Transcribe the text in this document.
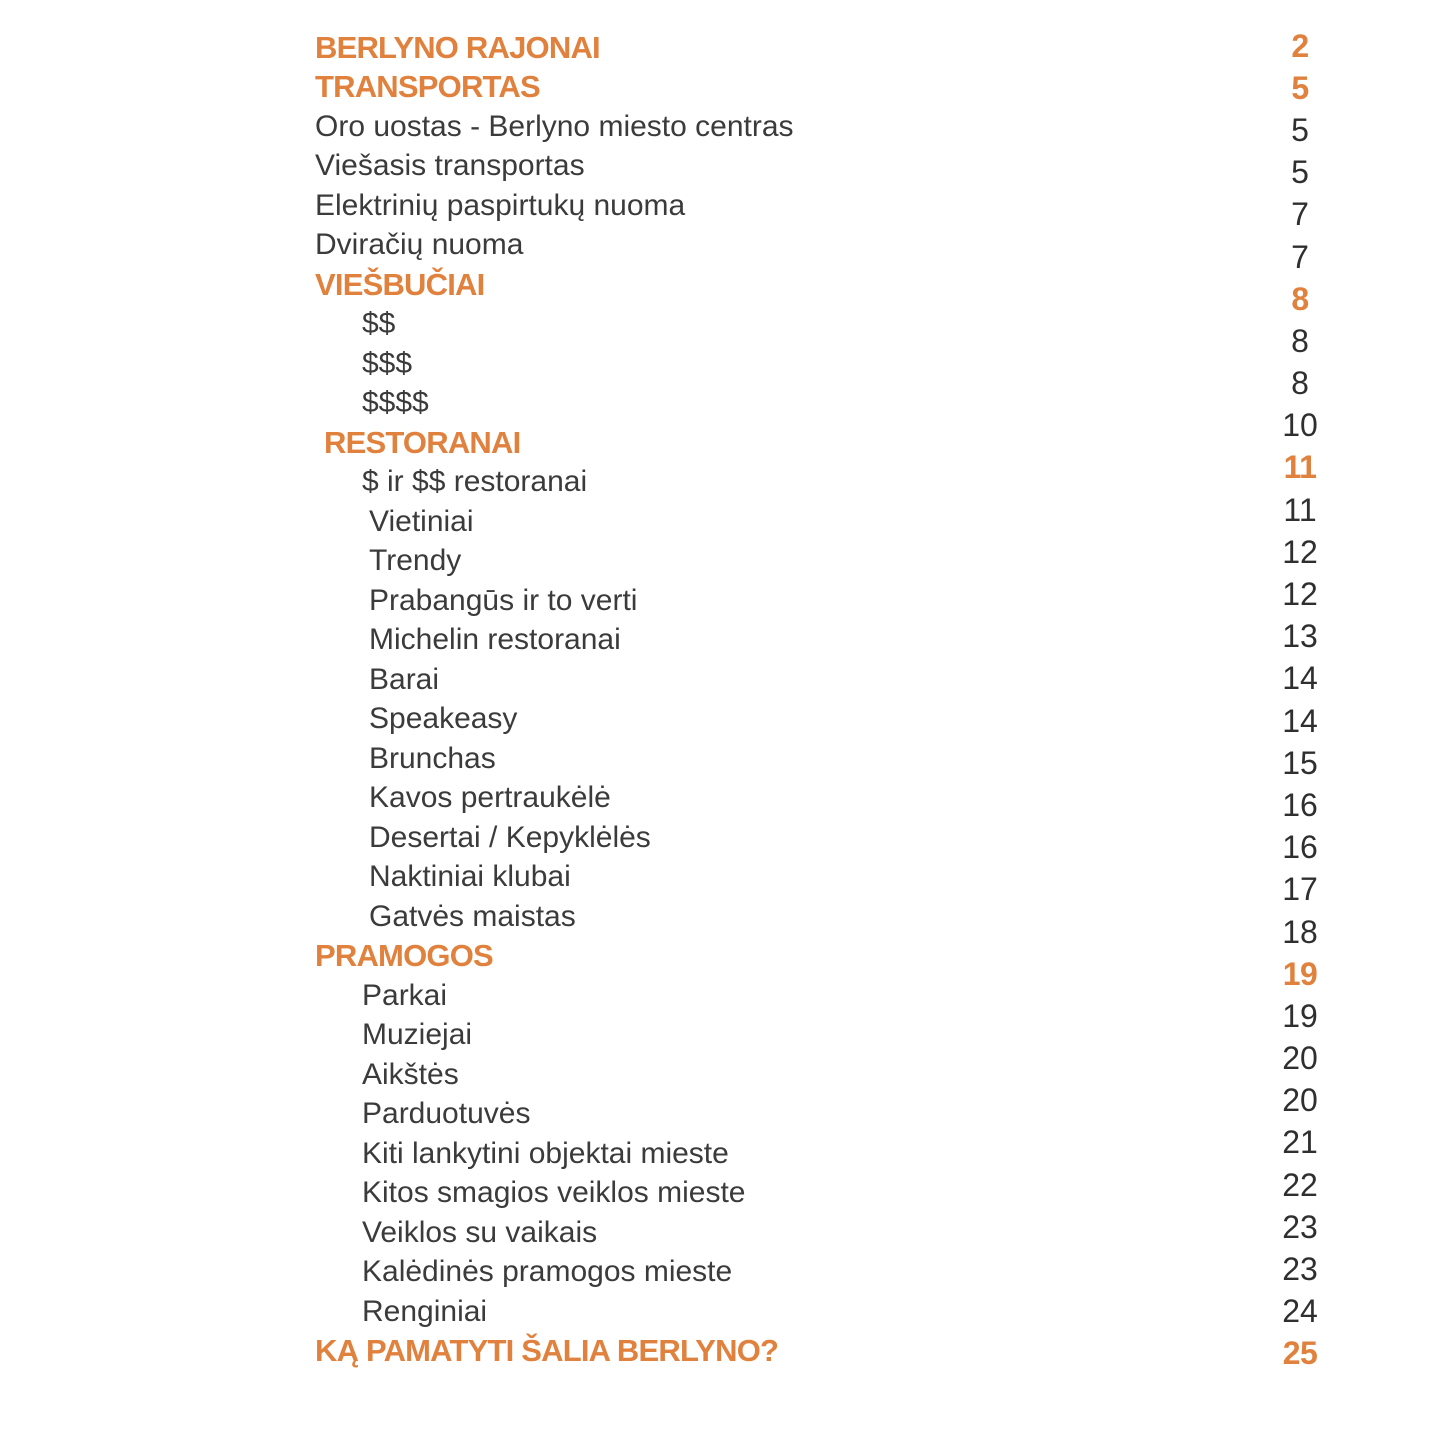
BERLYNO RAJONAI
TRANSPORTAS
Oro uostas - Berlyno miesto centras
Viešasis transportas
Elektrinių paspirtukų nuoma
Dviračių nuoma
VIEŠBUČIAI
$$
$$$
$$$$
RESTORANAI
$ ir $$ restoranai
Vietiniai
Trendy
Prabangūs ir to verti
Michelin restoranai
Barai
Speakeasy
Brunchas
Kavos pertraukėlė
Desertai / Kepyklėlės
Naktiniai klubai
Gatvės maistas
PRAMOGOS
Parkai
Muziejai
Aikštės
Parduotuvės
Kiti lankytini objektai mieste
Kitos smagios veiklos mieste
Veiklos su vaikais
Kalėdinės pramogos mieste
Renginiai
KĄ PAMATYTI ŠALIA BERLYNO?
2
5
5
5
7
7
8
8
8
10
11
11
12
12
13
14
14
15
16
16
17
18
19
19
20
20
21
22
23
23
24
25
